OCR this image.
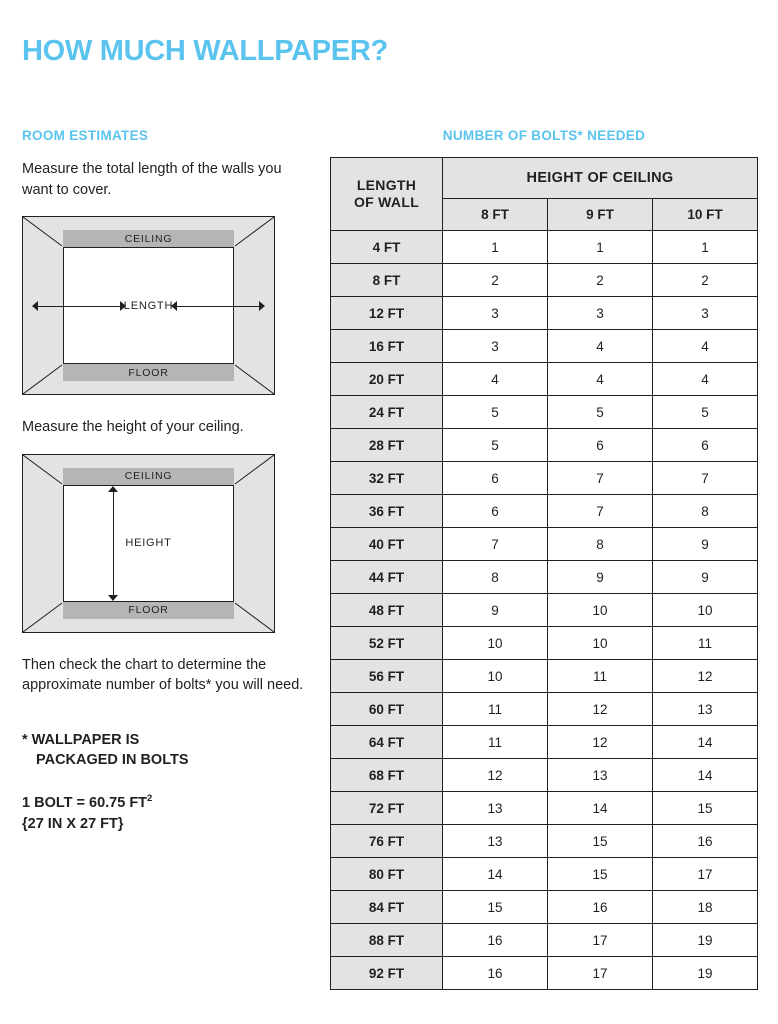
HOW MUCH WALLPAPER?
ROOM ESTIMATES

Measure the total length of the walls you want to cover.

CEILING
FLOOR
LENGTH

Measure the height of your ceiling.

CEILING
FLOOR
HEIGHT

Then check the chart to determine the approximate number of bolts* you will need.

* WALLPAPER IS
PACKAGED IN BOLTS

1 BOLT = 60.75 $FT^2$
{27 IN X 27 FT}

NUMBER OF BOLTS* NEEDED
LENGTH
OF WALL	HEIGHT OF CEILING		
	8 FT	9 FT	10 FT
4 FT	1	1	1
8 FT	2	2	2
12 FT	3	3	3
16 FT	3	4	4
20 FT	4	4	4
24 FT	5	5	5
28 FT	5	6	6
32 FT	6	7	7
36 FT	6	7	8
40 FT	7	8	9
44 FT	8	9	9
48 FT	9	10	10
52 FT	10	10	11
56 FT	10	11	12
60 FT	11	12	13
64 FT	11	12	14
68 FT	12	13	14
72 FT	13	14	15
76 FT	13	15	16
80 FT	14	15	17
84 FT	15	16	18
88 FT	16	17	19
92 FT	16	17	19
